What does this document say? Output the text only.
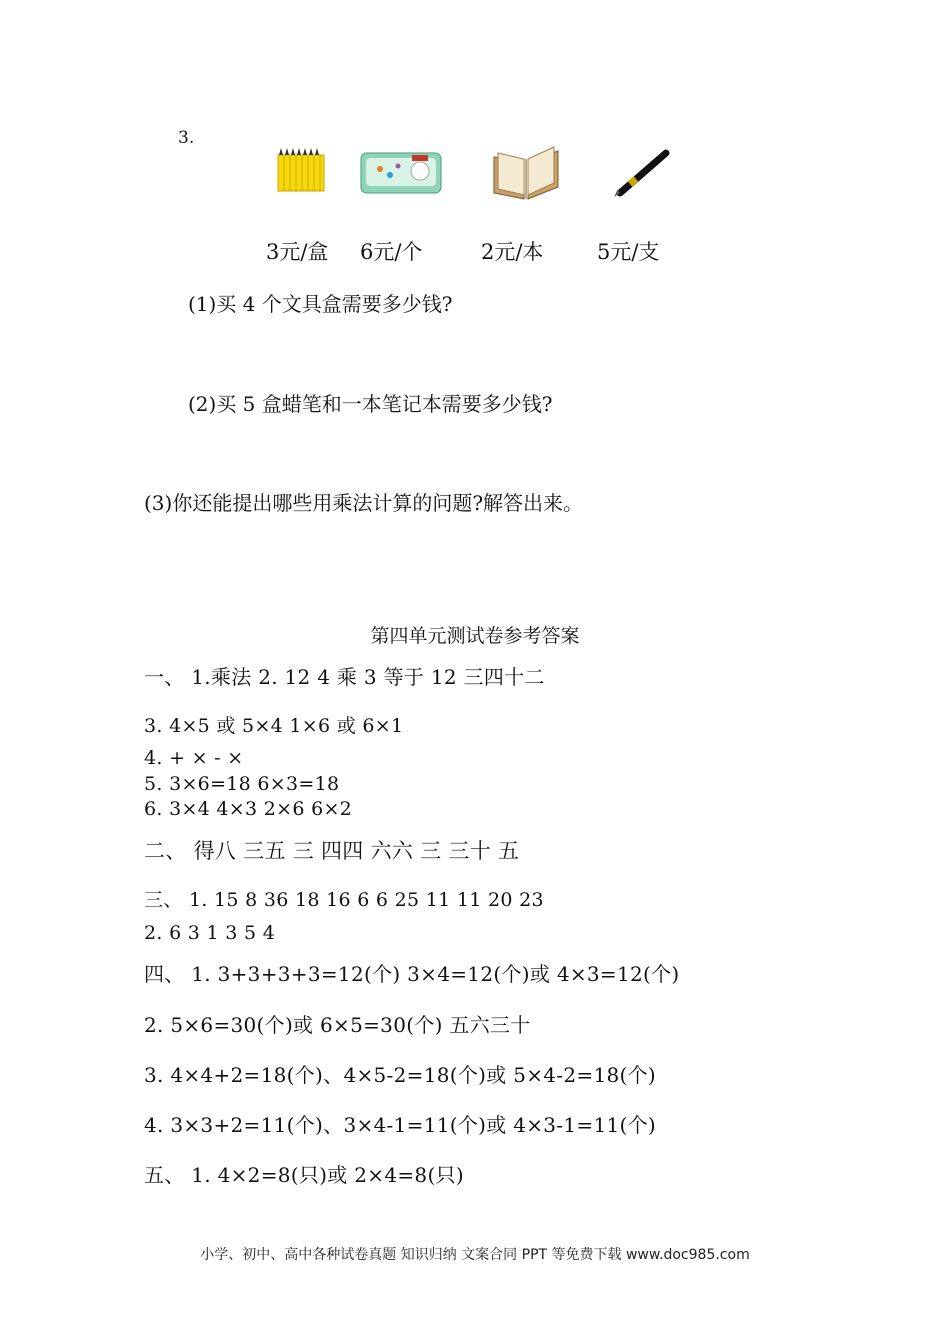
3.
3元/盒 6元/个	2元/本	5元/支
(1)买 4 个文具盒需要多少钱?
(2)买 5 盒蜡笔和一本笔记本需要多少钱?
(3)你还能提出哪些用乘法计算的问题?解答出来。
第四单元测试卷参考答案
一、 1.乘法 2. 12 4 乘 3 等于 12 三四十二
3. 4×5 或 5×4 1×6 或 6×1
4. + × - ×
5. 3×6=18 6×3=18
6. 3×4 4×3 2×6 6×2
二、 得八 三五 三 四四 六六 三 三十 五
三、 1. 15 8 36 18 16 6 6 25 11 11 20 23
2. 6 3 1 3 5 4
四、 1. 3+3+3+3=12(个) 3×4=12(个)或 4×3=12(个)
2. 5×6=30(个)或 6×5=30(个) 五六三十
3. 4×4+2=18(个)、4×5-2=18(个)或 5×4-2=18(个)
4. 3×3+2=11(个)、3×4-1=11(个)或 4×3-1=11(个)
五、 1. 4×2=8(只)或 2×4=8(只)
小学、初中、高中各种试卷真题 知识归纳 文案合同 PPT 等免费下载 www.doc985.com
